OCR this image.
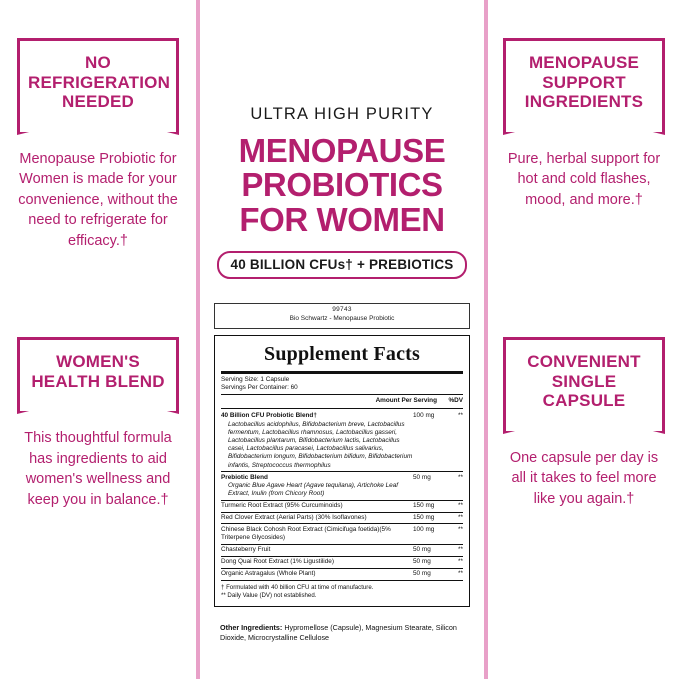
NO REFRIGERATION NEEDED
Menopause Probiotic for Women is made for your convenience, without the need to refrigerate for efficacy.†
WOMEN'S HEALTH BLEND
This thoughtful formula has ingredients to aid women's wellness and keep you in balance.†
MENOPAUSE SUPPORT INGREDIENTS
Pure, herbal support for hot and cold flashes, mood, and more.†
CONVENIENT SINGLE CAPSULE
One capsule per day is all it takes to feel more like you again.†
ULTRA HIGH PURITY
MENOPAUSE
PROBIOTICS
FOR WOMEN
40 BILLION CFUs† + PREBIOTICS
99743
Bio Schwartz - Menopause Probiotic
Supplement Facts
Serving Size: 1 Capsule
Servings Per Container: 60
Amount Per Serving	%DV
40 Billion CFU Probiotic Blend†
Lactobacillus acidophilus, Bifidobacterium breve, Lactobacillus fermentum, Lactobacillus rhamnosus, Lactobacillus gasseri, Lactobacillus plantarum, Bifidobacterium lactis, Lactobacillus casei, Lactobacillus paracasei, Lactobacillus salivarius, Bifidobacterium longum, Bifidobacterium bifidum, Bifidobacterium infantis, Streptococcus thermophilus	100 mg	**
Prebiotic Blend
Organic Blue Agave Heart (Agave tequilana), Artichoke Leaf Extract, Inulin (from Chicory Root)	50 mg	**
Turmeric Root Extract (95% Curcuminoids)	150 mg	**
Red Clover Extract (Aerial Parts) (30% Isoflavones)	150 mg	**
Chinese Black Cohosh Root Extract (Cimicifuga foetida)(5% Triterpene Glycosides)	100 mg	**
Chasteberry Fruit	50 mg	**
Dong Quai Root Extract (1% Ligustilide)	50 mg	**
Organic Astragalus (Whole Plant)	50 mg	**
† Formulated with 40 billion CFU at time of manufacture.
** Daily Value (DV) not established.
Other Ingredients: Hypromellose (Capsule), Magnesium Stearate, Silicon Dioxide, Microcrystalline Cellulose
